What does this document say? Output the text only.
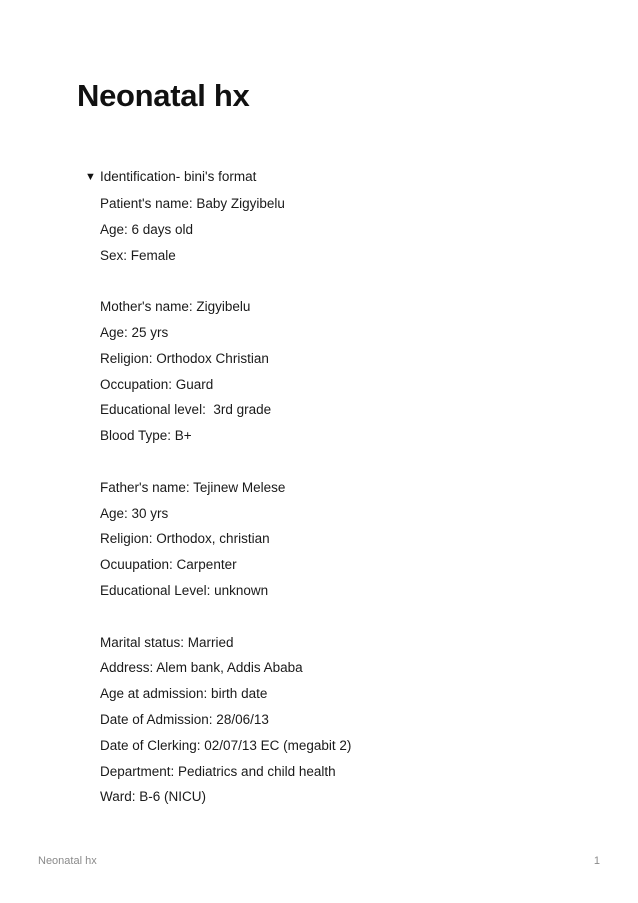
Neonatal hx
▼ Identification- bini's format
Patient's name: Baby Zigyibelu
Age: 6 days old
Sex: Female
Mother's name: Zigyibelu
Age: 25 yrs
Religion: Orthodox Christian
Occupation: Guard
Educational level:  3rd grade
Blood Type: B+
Father's name: Tejinew Melese
Age: 30 yrs
Religion: Orthodox, christian
Ocuupation: Carpenter
Educational Level: unknown
Marital status: Married
Address: Alem bank, Addis Ababa
Age at admission: birth date
Date of Admission: 28/06/13
Date of Clerking: 02/07/13 EC (megabit 2)
Department: Pediatrics and child health
Ward: B-6 (NICU)
Neonatal hx	1
